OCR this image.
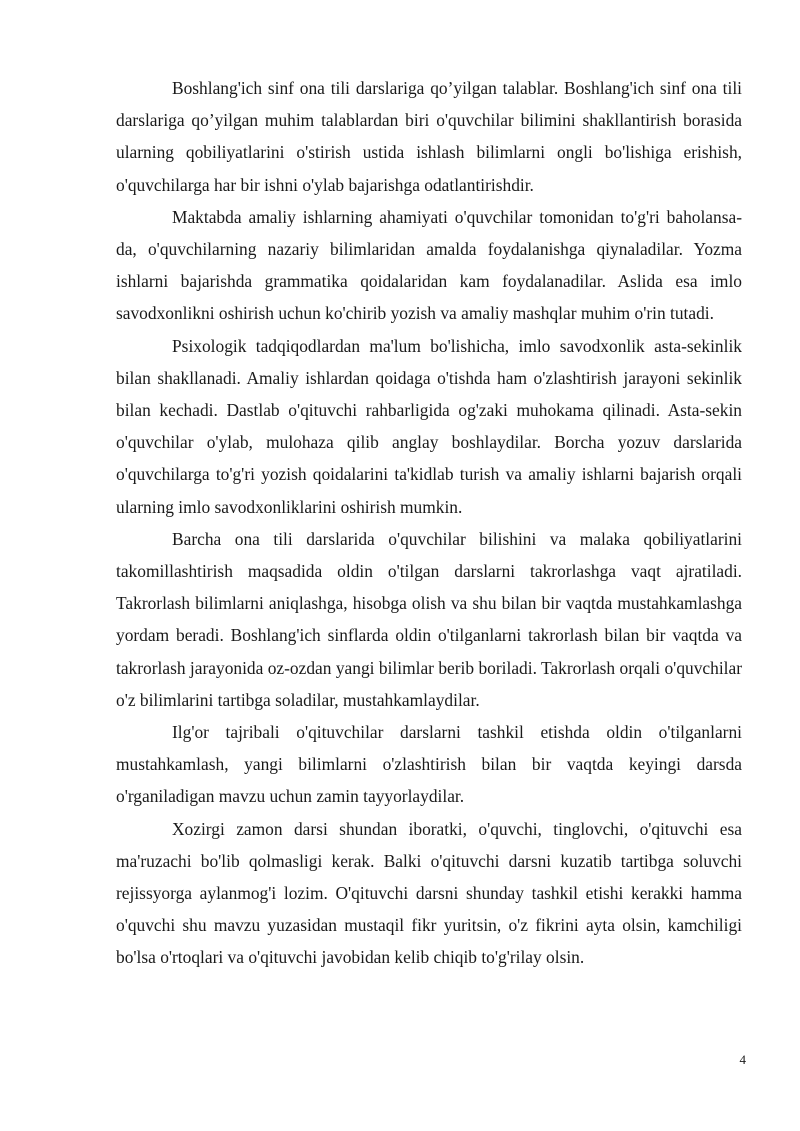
Boshlang'ich sinf ona tili darslariga qo’yilgan talablar. Boshlang'ich sinf ona tili darslariga qo’yilgan muhim talablardan biri o'quvchilar bilimini shakllantirish borasida ularning qobiliyatlarini o'stirish ustida ishlash bilimlarni ongli bo'lishiga erishish, o'quvchilarga har bir ishni o'ylab bajarishga odatlantirishdir.

Maktabda amaliy ishlarning ahamiyati o'quvchilar tomonidan to'g'ri baholansa-da, o'quvchilarning nazariy bilimlaridan amalda foydalanishga qiynaladilar. Yozma ishlarni bajarishda grammatika qoidalaridan kam foydalanadilar. Aslida esa imlo savodxonlikni oshirish uchun ko'chirib yozish va amaliy mashqlar muhim o'rin tutadi.

Psixologik tadqiqodlardan ma'lum bo'lishicha, imlo savodxonlik asta-sekinlik bilan shakllanadi. Amaliy ishlardan qoidaga o'tishda ham o'zlashtirish jarayoni sekinlik bilan kechadi. Dastlab o'qituvchi rahbarligida og'zaki muhokama qilinadi. Asta-sekin o'quvchilar o'ylab, mulohaza qilib anglay boshlaydilar. Borcha yozuv darslarida o'quvchilarga to'g'ri yozish qoidalarini ta'kidlab turish va amaliy ishlarni bajarish orqali ularning imlo savodxonliklarini oshirish mumkin.

Barcha ona tili darslarida o'quvchilar bilishini va malaka qobiliyatlarini takomillashtirish maqsadida oldin o'tilgan darslarni takrorlashga vaqt ajratiladi. Takrorlash bilimlarni aniqlashga, hisobga olish va shu bilan bir vaqtda mustahkamlashga yordam beradi. Boshlang'ich sinflarda oldin o'tilganlarni takrorlash bilan bir vaqtda va takrorlash jarayonida oz-ozdan yangi bilimlar berib boriladi. Takrorlash orqali o'quvchilar o'z bilimlarini tartibga soladilar, mustahkamlaydilar.

Ilg'or tajribali o'qituvchilar darslarni tashkil etishda oldin o'tilganlarni mustahkamlash, yangi bilimlarni o'zlashtirish bilan bir vaqtda keyingi darsda o'rganiladigan mavzu uchun zamin tayyorlaydilar.

Xozirgi zamon darsi shundan iboratki, o'quvchi, tinglovchi, o'qituvchi esa ma'ruzachi bo'lib qolmasligi kerak. Balki o'qituvchi darsni kuzatib tartibga soluvchi rejissyorga aylanmog'i lozim. O'qituvchi darsni shunday tashkil etishi kerakki hamma o'quvchi shu mavzu yuzasidan mustaqil fikr yuritsin, o'z fikrini ayta olsin, kamchiligi bo'lsa o'rtoqlari va o'qituvchi javobidan kelib chiqib to'g'rilay olsin.

4
